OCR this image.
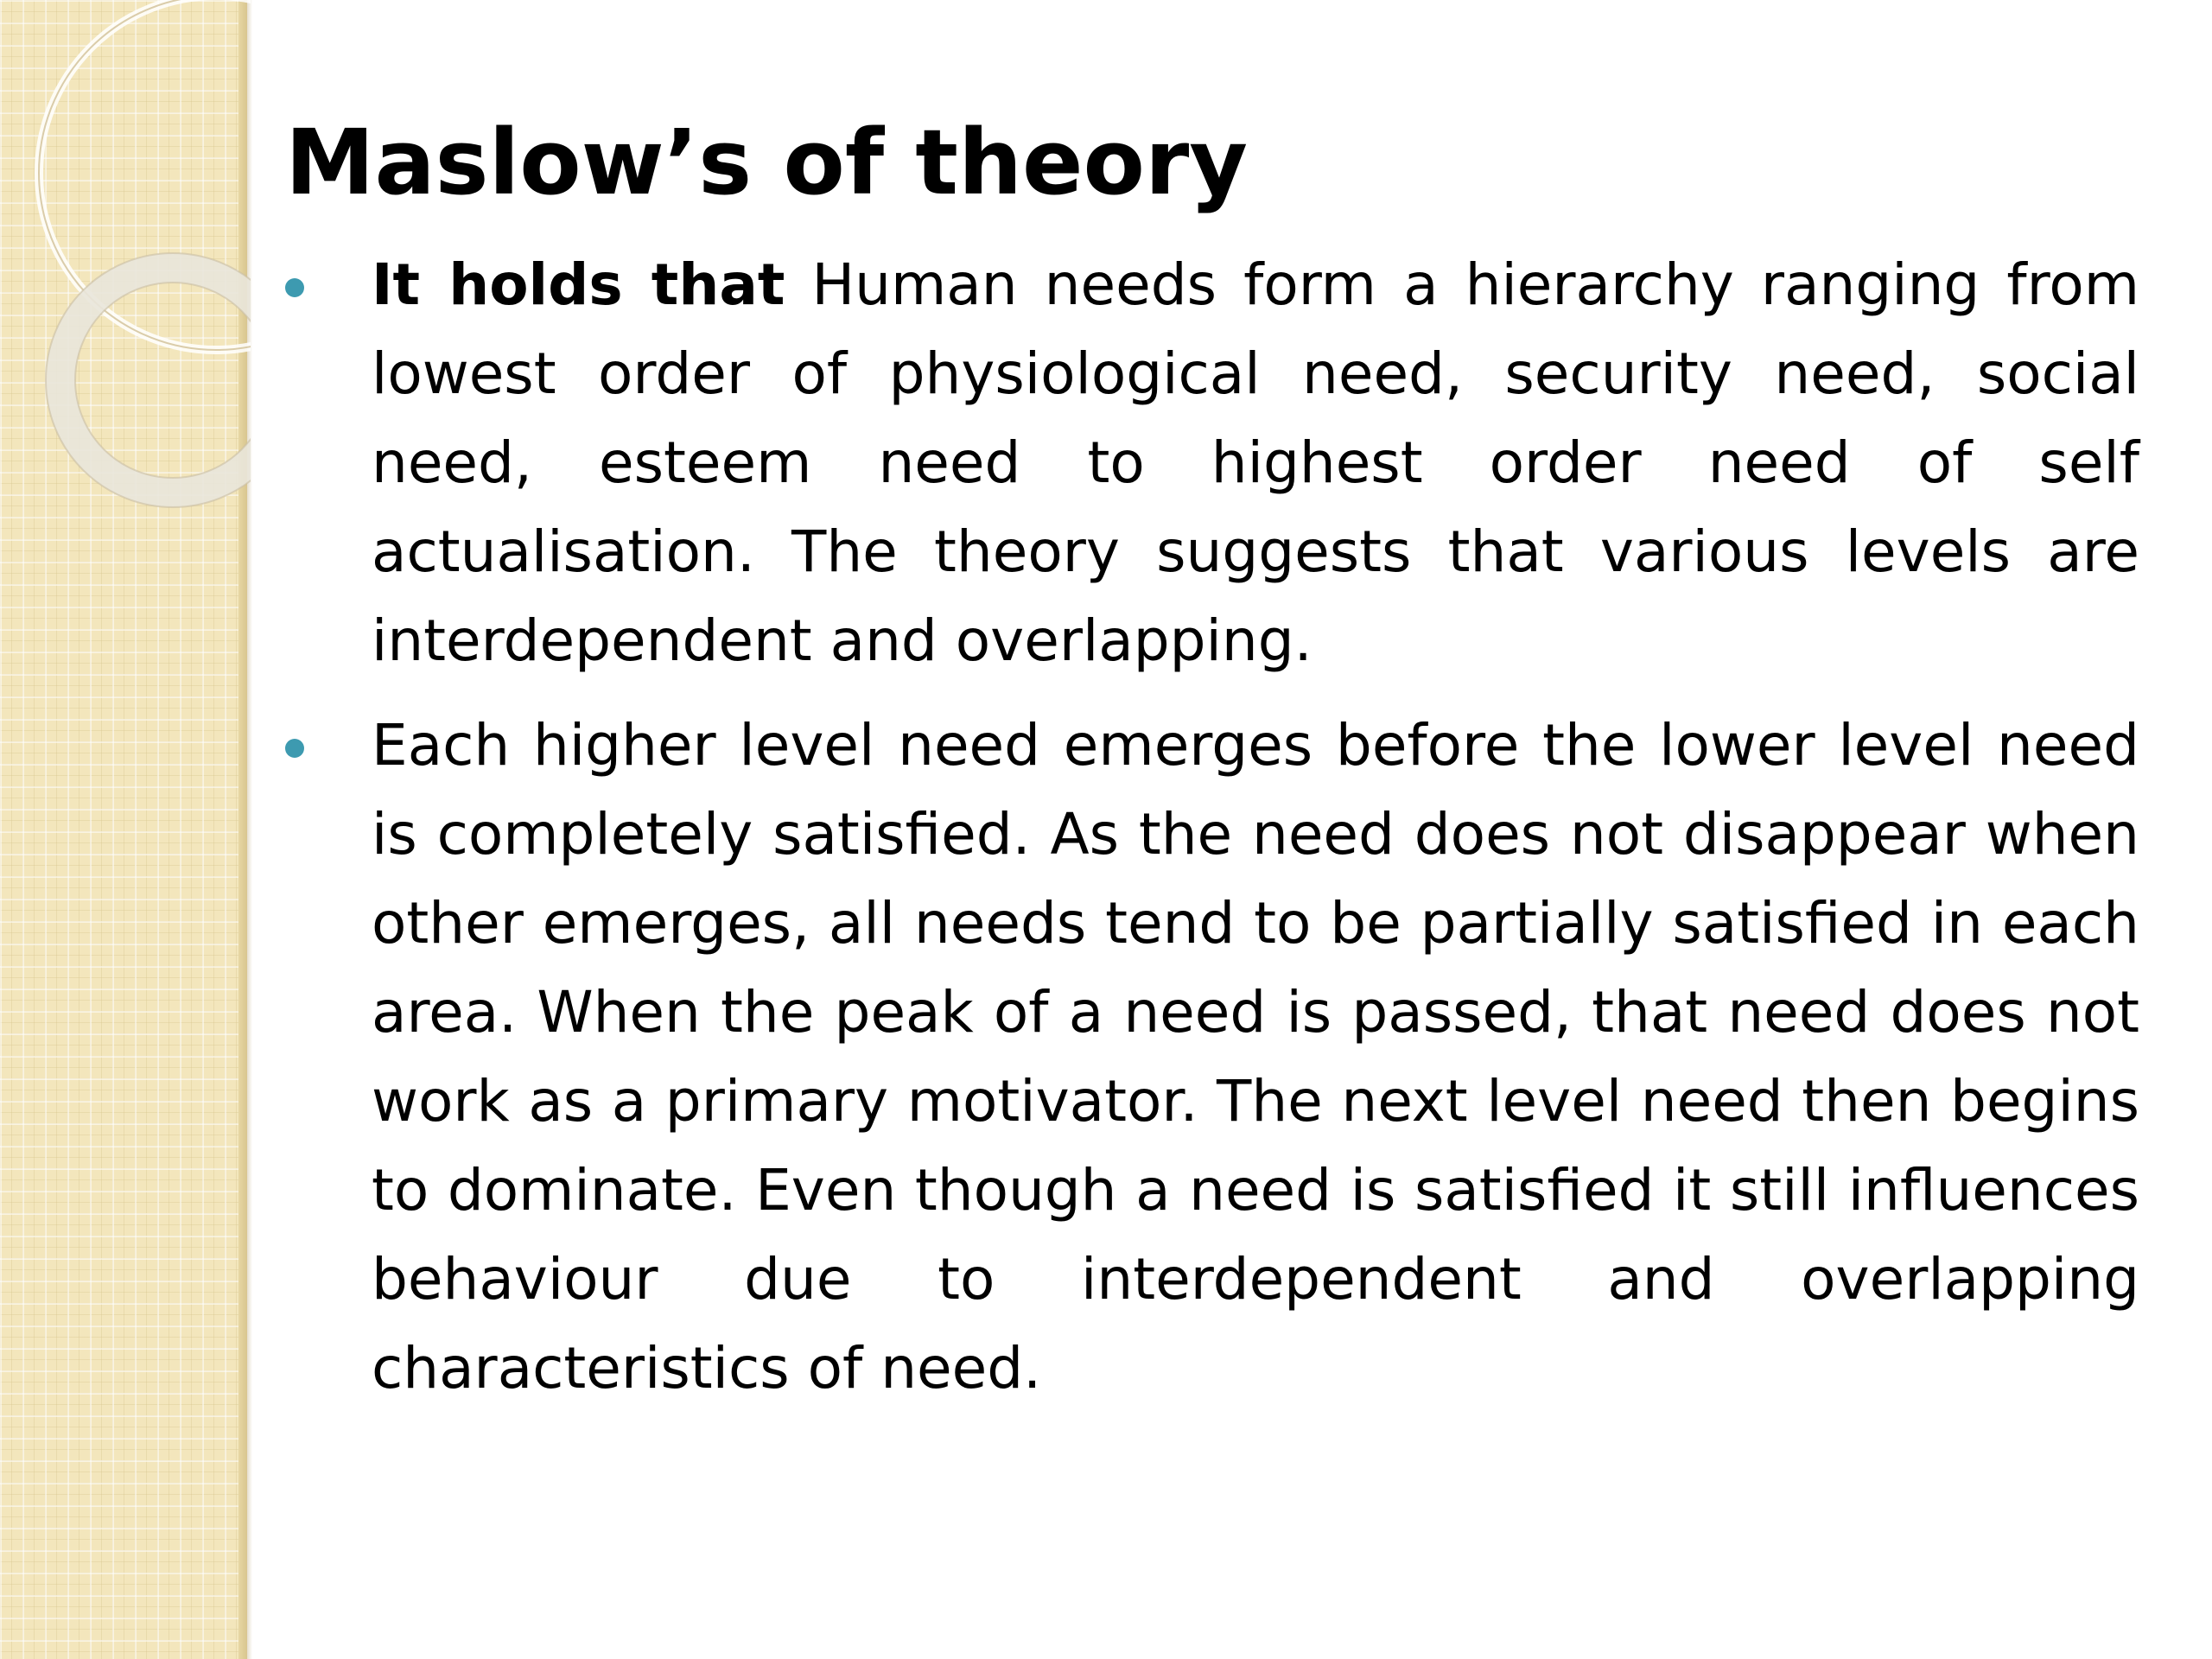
Maslow’s of theory
It holds that Human needs form a hierarchy ranging from lowest order of physiological need, security need, social need, esteem need to highest order need of self actualisation. The theory suggests that various levels are interdependent and overlapping.
Each higher level need emerges before the lower level need is completely satisfied. As the need does not disappear when other emerges, all needs tend to be partially satisfied in each area. When the peak of a need is passed, that need does not work as a primary motivator. The next level need then begins to dominate. Even though a need is satisfied it still influences behaviour due to interdependent and overlapping characteristics of need.
